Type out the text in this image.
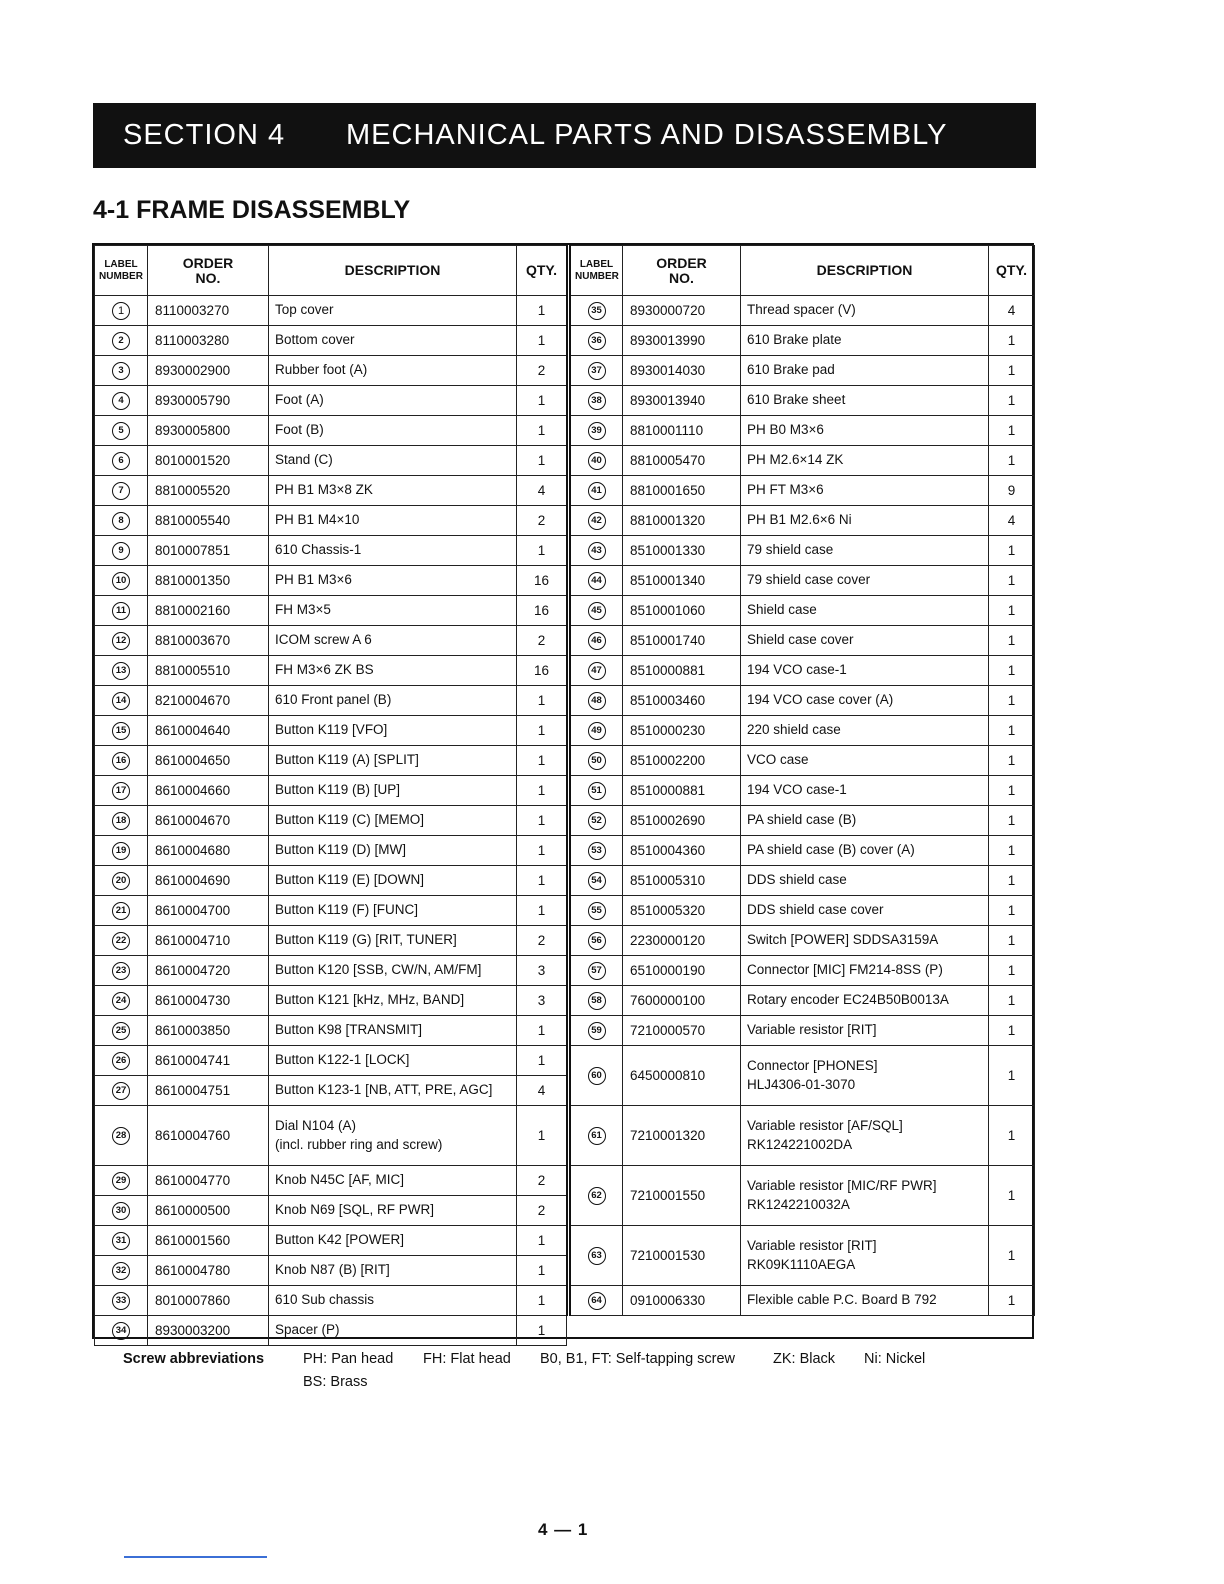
SECTION 4 MECHANICAL PARTS AND DISASSEMBLY
4-1 FRAME DISASSEMBLY
LABEL
NUMBER	ORDER
NO.	DESCRIPTION	QTY.
1	8110003270	Top cover	1
2	8110003280	Bottom cover	1
3	8930002900	Rubber foot (A)	2
4	8930005790	Foot (A)	1
5	8930005800	Foot (B)	1
6	8010001520	Stand (C)	1
7	8810005520	PH B1 M3×8 ZK	4
8	8810005540	PH B1 M4×10	2
9	8010007851	610 Chassis-1	1
10	8810001350	PH B1 M3×6	16
11	8810002160	FH M3×5	16
12	8810003670	ICOM screw A 6	2
13	8810005510	FH M3×6 ZK BS	16
14	8210004670	610 Front panel (B)	1
15	8610004640	Button K119 [VFO]	1
16	8610004650	Button K119 (A) [SPLIT]	1
17	8610004660	Button K119 (B) [UP]	1
18	8610004670	Button K119 (C) [MEMO]	1
19	8610004680	Button K119 (D) [MW]	1
20	8610004690	Button K119 (E) [DOWN]	1
21	8610004700	Button K119 (F) [FUNC]	1
22	8610004710	Button K119 (G) [RIT, TUNER]	2
23	8610004720	Button K120 [SSB, CW/N, AM/FM]	3
24	8610004730	Button K121 [kHz, MHz, BAND]	3
25	8610003850	Button K98 [TRANSMIT]	1
26	8610004741	Button K122-1 [LOCK]	1
27	8610004751	Button K123-1 [NB, ATT, PRE, AGC]	4
28	8610004760	Dial N104 (A)
(incl. rubber ring and screw)	1
29	8610004770	Knob N45C [AF, MIC]	2
30	8610000500	Knob N69 [SQL, RF PWR]	2
31	8610001560	Button K42 [POWER]	1
32	8610004780	Knob N87 (B) [RIT]	1
33	8010007860	610 Sub chassis	1
34	8930003200	Spacer (P)	1
LABEL
NUMBER	ORDER
NO.	DESCRIPTION	QTY.
35	8930000720	Thread spacer (V)	4
36	8930013990	610 Brake plate	1
37	8930014030	610 Brake pad	1
38	8930013940	610 Brake sheet	1
39	8810001110	PH B0 M3×6	1
40	8810005470	PH M2.6×14 ZK	1
41	8810001650	PH FT M3×6	9
42	8810001320	PH B1 M2.6×6 Ni	4
43	8510001330	79 shield case	1
44	8510001340	79 shield case cover	1
45	8510001060	Shield case	1
46	8510001740	Shield case cover	1
47	8510000881	194 VCO case-1	1
48	8510003460	194 VCO case cover (A)	1
49	8510000230	220 shield case	1
50	8510002200	VCO case	1
51	8510000881	194 VCO case-1	1
52	8510002690	PA shield case (B)	1
53	8510004360	PA shield case (B) cover (A)	1
54	8510005310	DDS shield case	1
55	8510005320	DDS shield case cover	1
56	2230000120	Switch [POWER] SDDSA3159A	1
57	6510000190	Connector [MIC] FM214-8SS (P)	1
58	7600000100	Rotary encoder EC24B50B0013A	1
59	7210000570	Variable resistor [RIT]	1
60	6450000810	Connector [PHONES]
HLJ4306-01-3070	1
61	7210001320	Variable resistor [AF/SQL]
RK124221002DA	1
62	7210001550	Variable resistor [MIC/RF PWR]
RK1242210032A	1
63	7210001530	Variable resistor [RIT]
RK09K1110AEGA	1
64	0910006330	Flexible cable P.C. Board B 792	1
Screw abbreviations	PH: Pan head FH: Flat head B0, B1, FT: Self-tapping screw	ZK: Black Ni: Nickel
BS: Brass
4 — 1
